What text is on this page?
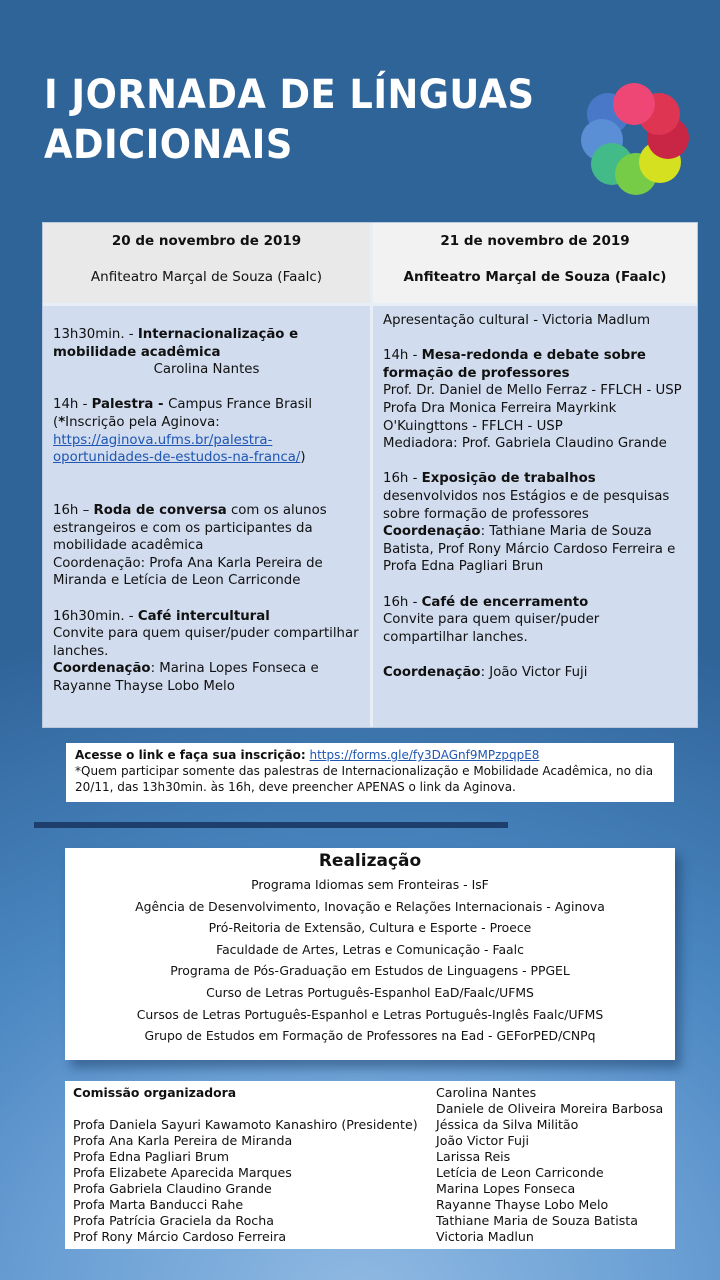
I JORNADA DE LÍNGUAS
ADICIONAIS
20 de novembro de 2019
Anfiteatro Marçal de Souza (Faalc)
21 de novembro de 2019
Anfiteatro Marçal de Souza (Faalc)

13h30min. - Internacionalização e mobilidade acadêmica
Carolina Nantes

14h - Palestra - Campus France Brasil
(*Inscrição pela Aginova:
https://aginova.ufms.br/palestra-oportunidades-de-estudos-na-franca/)

16h – Roda de conversa com os alunos estrangeiros e com os participantes da mobilidade acadêmica
Coordenação: Profa Ana Karla Pereira de Miranda e Letícia de Leon Carriconde

16h30min. - Café intercultural
Convite para quem quiser/puder compartilhar lanches.
Coordenação: Marina Lopes Fonseca e Rayanne Thayse Lobo Melo

Apresentação cultural - Victoria Madlum

14h - Mesa-redonda e debate sobre formação de professores
Prof. Dr. Daniel de Mello Ferraz - FFLCH - USP
Profa Dra Monica Ferreira Mayrkink O'Kuingttons - FFLCH - USP
Mediadora: Prof. Gabriela Claudino Grande

16h - Exposição de trabalhos desenvolvidos nos Estágios e de pesquisas sobre formação de professores
Coordenação: Tathiane Maria de Souza Batista, Prof Rony Márcio Cardoso Ferreira e Profa Edna Pagliari Brun

16h - Café de encerramento
Convite para quem quiser/puder compartilhar lanches.

Coordenação: João Victor Fuji

Acesse o link e faça sua inscrição: https://forms.gle/fy3DAGnf9MPzpqpE8
*Quem participar somente das palestras de Internacionalização e Mobilidade Acadêmica, no dia 20/11, das 13h30min. às 16h, deve preencher APENAS o link da Aginova.
Realização
Programa Idiomas sem Fronteiras - IsF
Agência de Desenvolvimento, Inovação e Relações Internacionais - Aginova
Pró-Reitoria de Extensão, Cultura e Esporte - Proece
Faculdade de Artes, Letras e Comunicação - Faalc
Programa de Pós-Graduação em Estudos de Linguagens - PPGEL
Curso de Letras Português-Espanhol EaD/Faalc/UFMS
Cursos de Letras Português-Espanhol e Letras Português-Inglês Faalc/UFMS
Grupo de Estudos em Formação de Professores na Ead - GEForPED/CNPq
Comissão organizadora
Profa Daniela Sayuri Kawamoto Kanashiro (Presidente)
Profa Ana Karla Pereira de Miranda
Profa Edna Pagliari Brum
Profa Elizabete Aparecida Marques
Profa Gabriela Claudino Grande
Profa Marta Banducci Rahe
Profa Patrícia Graciela da Rocha
Prof Rony Márcio Cardoso Ferreira
Carolina Nantes
Daniele de Oliveira Moreira Barbosa
Jéssica da Silva Militão
João Victor Fuji
Larissa Reis
Letícia de Leon Carriconde
Marina Lopes Fonseca
Rayanne Thayse Lobo Melo
Tathiane Maria de Souza Batista
Victoria Madlun
